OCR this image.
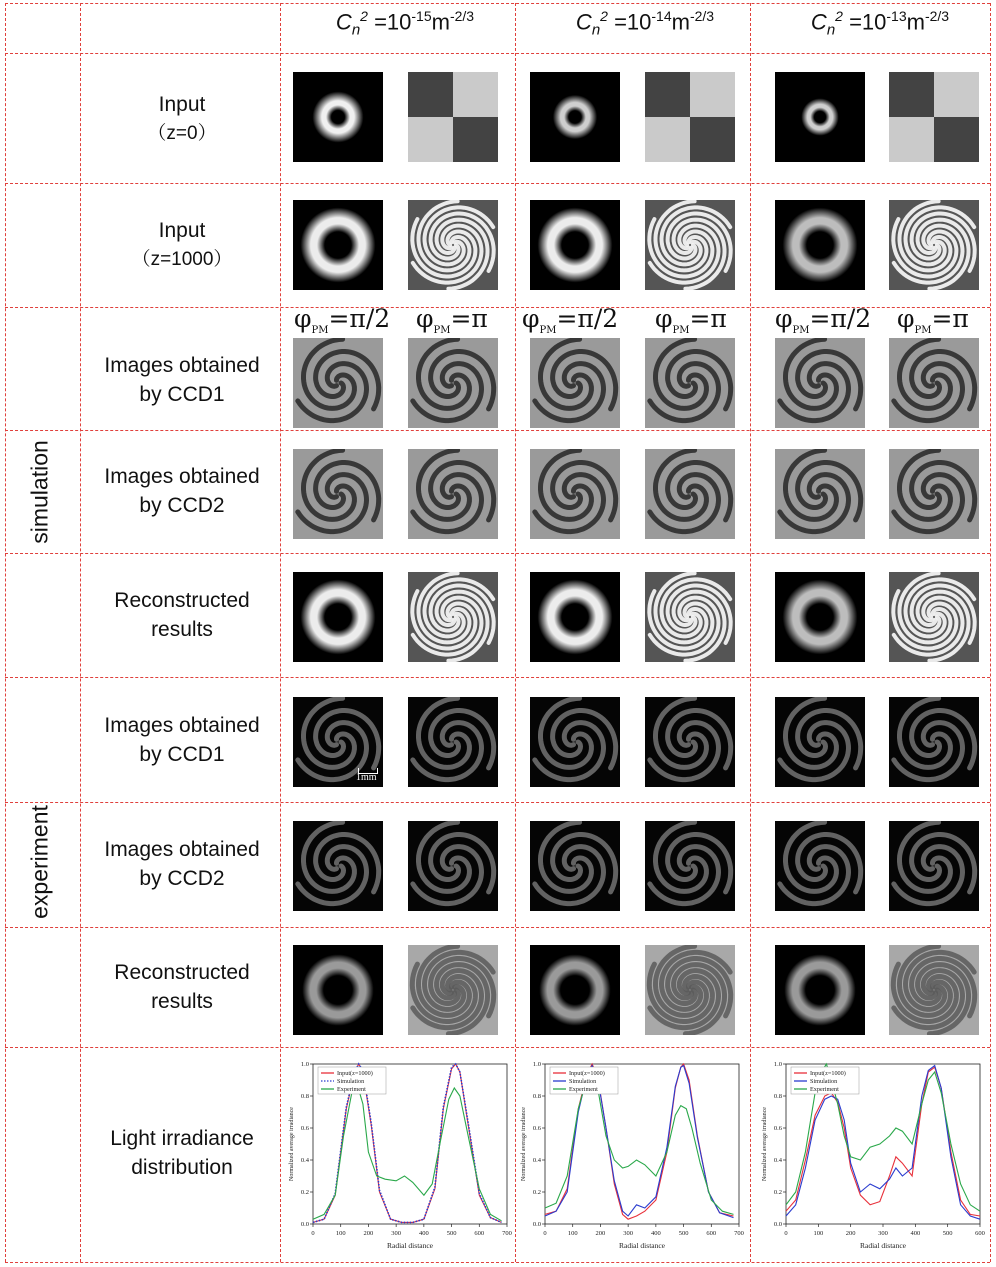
$C_n^2 =10^{-15}m^{-2/3}$	$C_n^2 =10^{-14}m^{-2/3}$	$C_n^2 =10^{-13}m^{-2/3}$
simulation
experiment
Input
（z=0）
Input
（z=1000）
Images obtained
by CCD1
Images obtained
by CCD2
Reconstructed
results
Images obtained
by CCD1
Images obtained
by CCD2
Reconstructed
results
Light irradiance
distribution
$\varphi_{PM}=\pi/2$ $\varphi_{PM}=\pi$ $\varphi_{PM}=\pi/2$ $\varphi_{PM}=\pi$ $\varphi_{PM}=\pi/2$ $\varphi_{PM}=\pi$
1mm
0	100	200	300	400	500	600	700
0.0
0.2
0.4
0.6
0.8
1.0
Radial distance
Normalized average irradiance
Input(z=1000)
Simulation
Experiment
0	100	200	300	400	500	600	700
0.0
0.2
0.4
0.6
0.8
1.0
Radial distance
Normalized average irradiance
Input(z=1000)
Simulation
Experiment
0	100	200	300	400	500	600
0.0
0.2
0.4
0.6
0.8
1.0
Radial distance
Normalized average irradiance
Input(z=1000)
Simulation
Experiment
